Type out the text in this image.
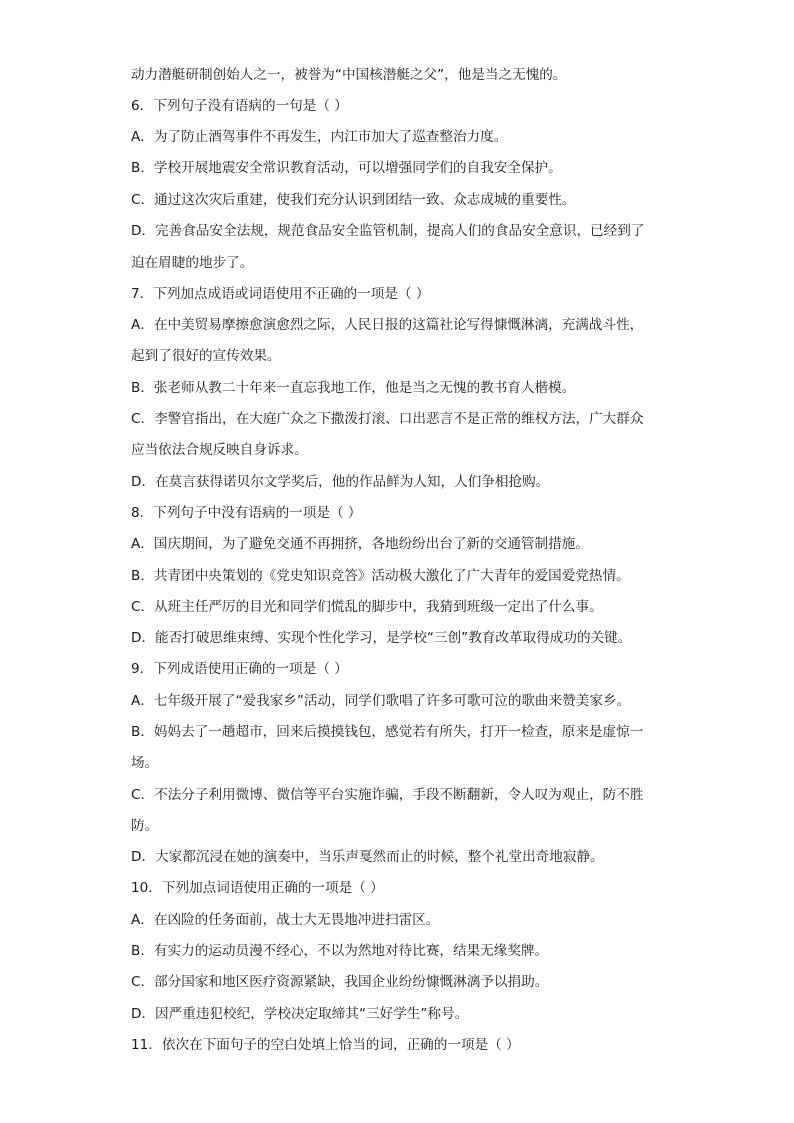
动力潜艇研制创始人之一，被誉为“中国核潜艇之父”，他是当之无愧的。
6．下列句子没有语病的一句是（ ）
A．为了防止酒驾事件不再发生，内江市加大了巡查整治力度。
B．学校开展地震安全常识教育活动，可以增强同学们的自我安全保护。
C．通过这次灾后重建，使我们充分认识到团结一致、众志成城的重要性。
D．完善食品安全法规，规范食品安全监管机制，提高人们的食品安全意识，已经到了
迫在眉睫的地步了。
7．下列加点成语或词语使用不正确的一项是（ ）
A．在中美贸易摩擦愈演愈烈之际，人民日报的这篇社论写得慷慨淋漓，充满战斗性，
起到了很好的宣传效果。
B．张老师从教二十年来一直忘我地工作，他是当之无愧的教书育人楷模。
C．李警官指出，在大庭广众之下撒泼打滚、口出恶言不是正常的维权方法，广大群众
应当依法合规反映自身诉求。
D．在莫言获得诺贝尔文学奖后，他的作品鲜为人知，人们争相抢购。
8．下列句子中没有语病的一项是（ ）
A．国庆期间，为了避免交通不再拥挤，各地纷纷出台了新的交通管制措施。
B．共青团中央策划的《党史知识竞答》活动极大激化了广大青年的爱国爱党热情。
C．从班主任严厉的目光和同学们慌乱的脚步中，我猜到班级一定出了什么事。
D．能否打破思维束缚、实现个性化学习，是学校“三创”教育改革取得成功的关键。
9．下列成语使用正确的一项是（ ）
A．七年级开展了“爱我家乡”活动，同学们歌唱了许多可歌可泣的歌曲来赞美家乡。
B．妈妈去了一趟超市，回来后摸摸钱包，感觉若有所失，打开一检查，原来是虚惊一
场。
C．不法分子利用微博、微信等平台实施诈骗，手段不断翻新，令人叹为观止，防不胜
防。
D．大家都沉浸在她的演奏中，当乐声戛然而止的时候，整个礼堂出奇地寂静。
10．下列加点词语使用正确的一项是（ ）
A．在凶险的任务面前，战士大无畏地冲进扫雷区。
B．有实力的运动员漫不经心，不以为然地对待比赛，结果无缘奖牌。
C．部分国家和地区医疗资源紧缺，我国企业纷纷慷慨淋漓予以捐助。
D．因严重违犯校纪，学校决定取缔其“三好学生”称号。
11．依次在下面句子的空白处填上恰当的词，正确的一项是（ ）
